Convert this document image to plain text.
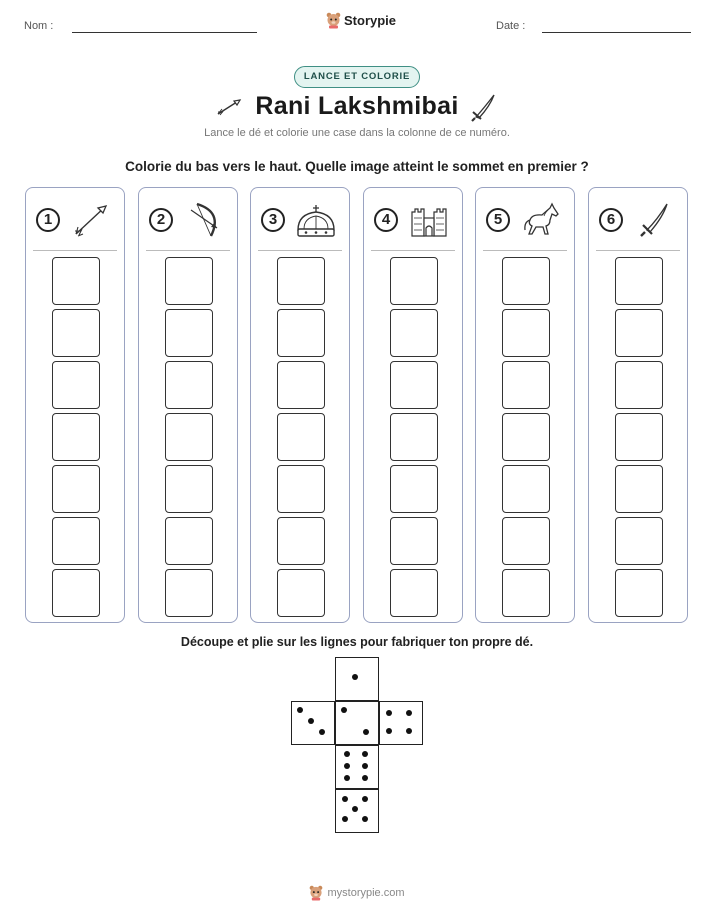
Nom :	Storypie	Date :
LANCE ET COLORIE
Rani Lakshmibai
Lance le dé et colorie une case dans la colonne de ce numéro.
Colorie du bas vers le haut. Quelle image atteint le sommet en premier ?
1	2	3	4	5	6
Découpe et plie sur les lignes pour fabriquer ton propre dé.
mystorypie.com
